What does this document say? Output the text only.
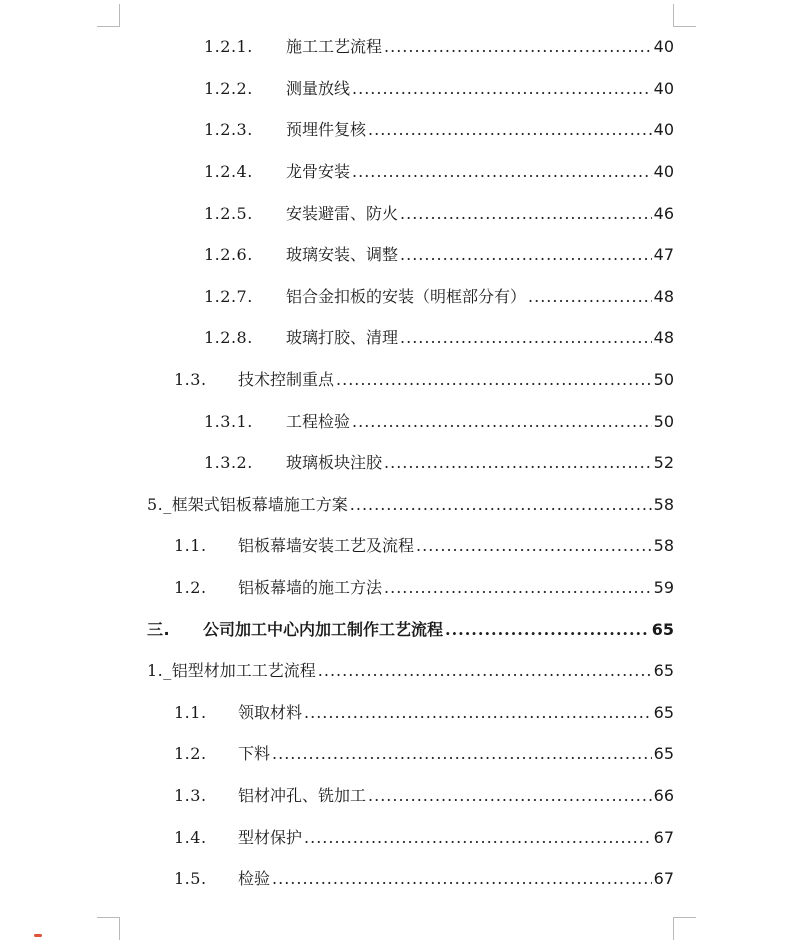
1.2.1.	施工工艺流程 .....	40
1.2.2.	测量放线 .....	40
1.2.3.	预埋件复核 .....	40
1.2.4.	龙骨安装 .....	40
1.2.5.	安装避雷、防火 .....	46
1.2.6.	玻璃安装、调整 .....	47
1.2.7.	铝合金扣板的安装（明框部分有） .....	48
1.2.8.	玻璃打胶、清理 .....	48
1.3.	技术控制重点 .....	50
1.3.1.	工程检验 .....	50
1.3.2.	玻璃板块注胶 .....	52
5._ 框架式铝板幕墙施工方案 .....	58
1.1.	铝板幕墙安装工艺及流程 .....	58
1.2.	铝板幕墙的施工方法 .....	59
三.	公司加工中心内加工制作工艺流程 .....	65
1._ 铝型材加工工艺流程 .....	65
1.1.	领取材料 .....	65
1.2.	下料 .....	65
1.3.	铝材冲孔、铣加工 .....	66
1.4.	型材保护 .....	67
1.5.	检验 .....	67
